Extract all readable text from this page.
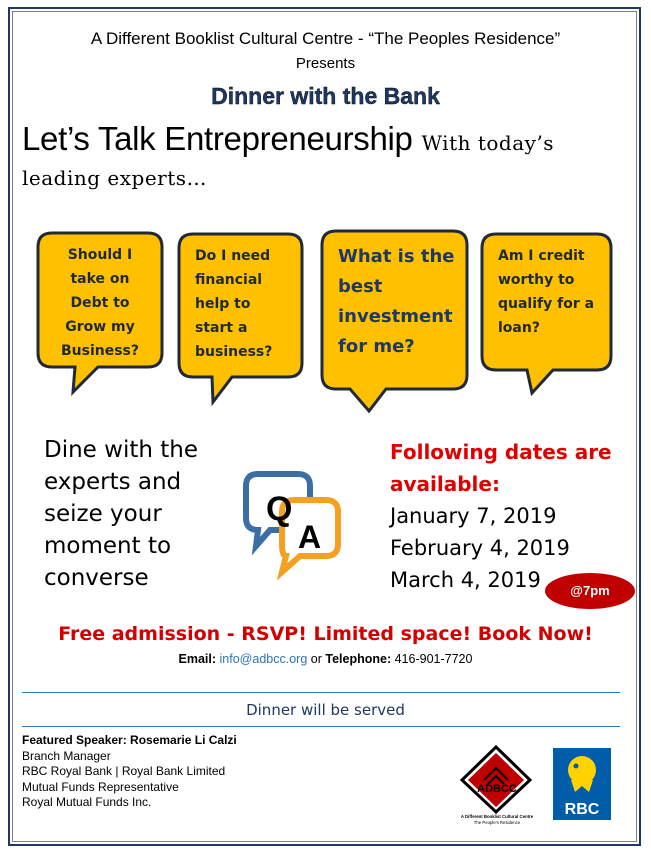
A Different Booklist Cultural Centre - “The Peoples Residence”
Presents
Dinner with the Bank
Let’s Talk Entrepreneurship With today’s
leading experts…
Should I
take on
Debt to
Grow my
Business?
Do I need
financial
help to
start a
business?
What is the
best
investment
for me?
Am I credit
worthy to
qualify for a
loan?
Dine with the
experts and
seize your
moment to
converse
Q
A
Following dates are
available:
January 7, 2019
February 4, 2019
March 4, 2019	@7pm
Free admission - RSVP! Limited space! Book Now!
Email: info@adbcc.org or Telephone: 416-901-7720
Dinner will be served
Featured Speaker: Rosemarie Li Calzi
Branch Manager
RBC Royal Bank | Royal Bank Limited
Mutual Funds Representative
Royal Mutual Funds Inc.
ADBCC
A Different Booklist Cultural Centre
The People's Residence
RBC
